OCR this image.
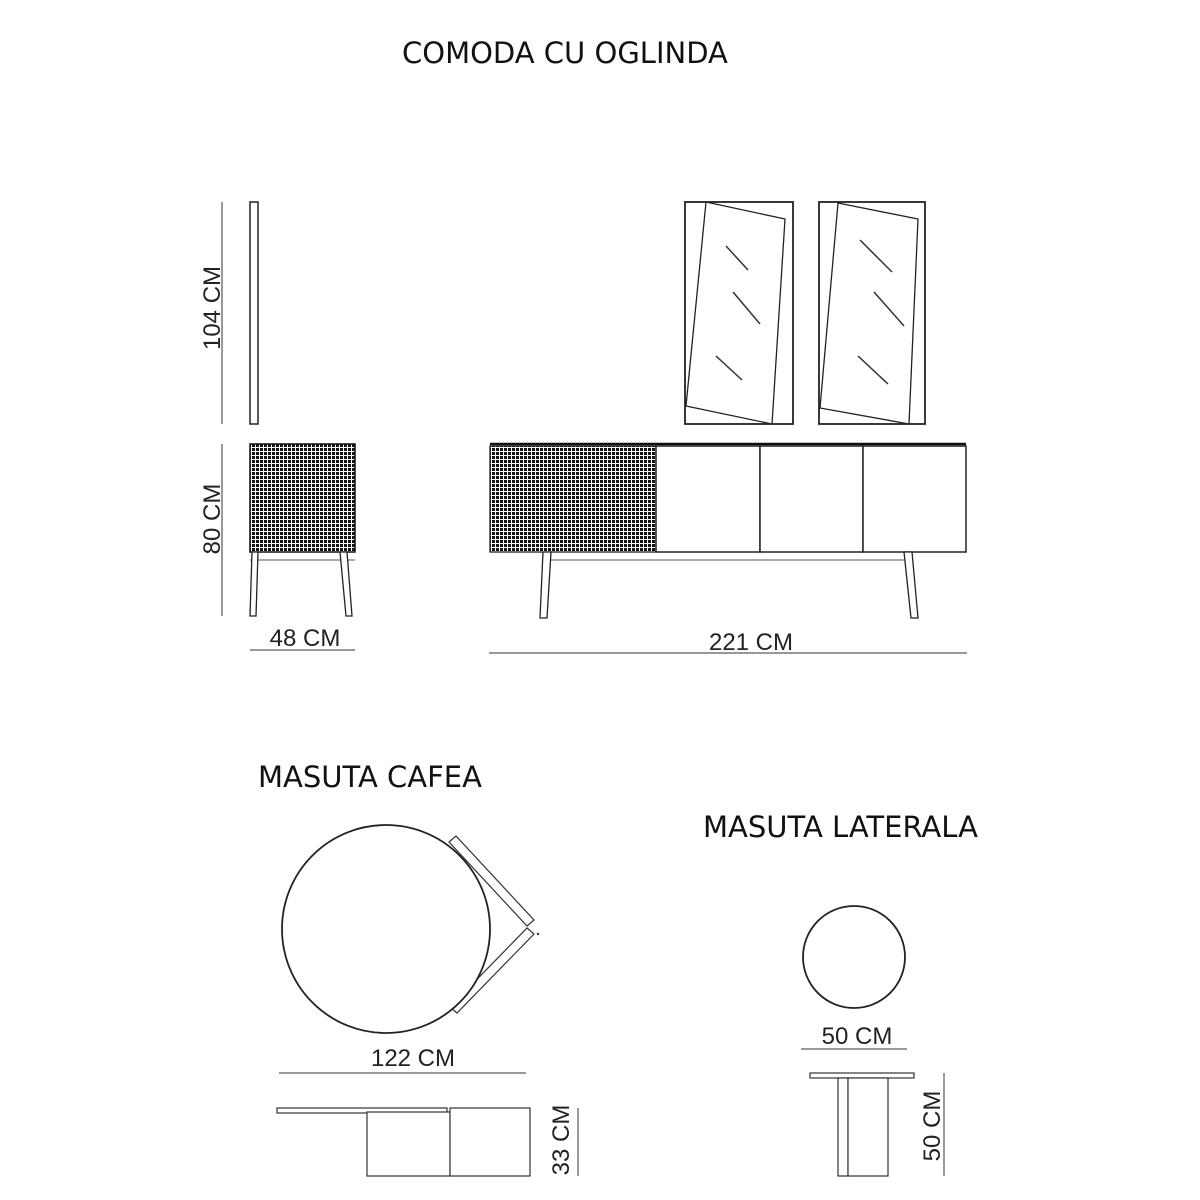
COMODA CU OGLINDA
MASUTA CAFEA
MASUTA LATERALA
104 CM
80 CM
48 CM	221 CM
122 CM
33 CM
50 CM
50 CM
